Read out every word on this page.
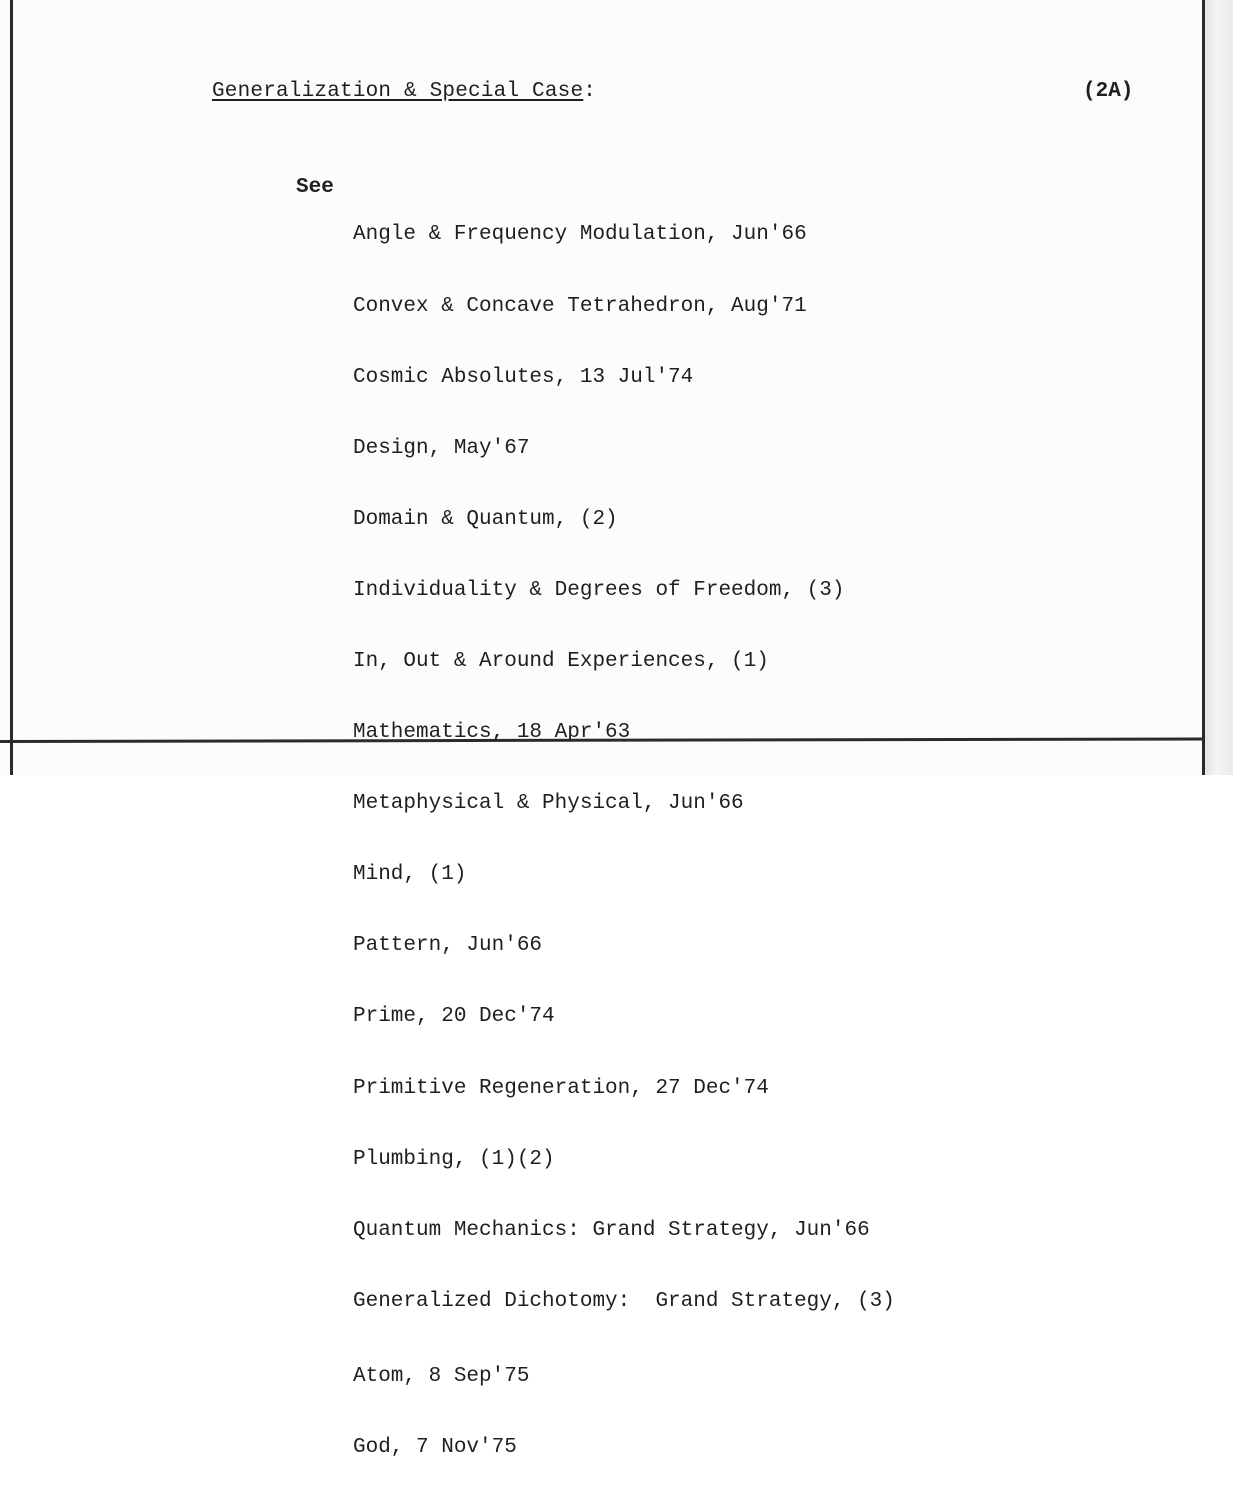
Generalization & Special Case:	(2A)
See

Angle & Frequency Modulation, Jun'66

Convex & Concave Tetrahedron, Aug'71

Cosmic Absolutes, 13 Jul'74

Design, May'67

Domain & Quantum, (2)

Individuality & Degrees of Freedom, (3)

In, Out & Around Experiences, (1)

Mathematics, 18 Apr'63

Metaphysical & Physical, Jun'66

Mind, (1)

Pattern, Jun'66

Prime, 20 Dec'74

Primitive Regeneration, 27 Dec'74

Plumbing, (1)(2)

Quantum Mechanics: Grand Strategy, Jun'66

Generalized Dichotomy:  Grand Strategy, (3)

Atom, 8 Sep'75

God, 7 Nov'75
